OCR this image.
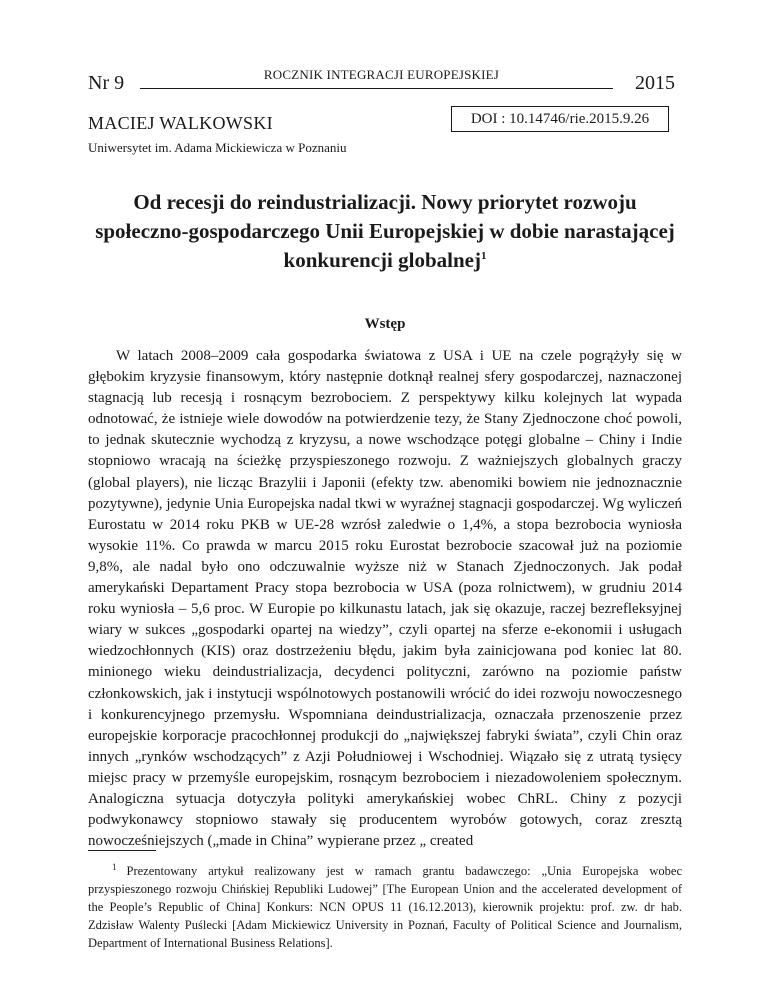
Nr 9	ROCZNIK INTEGRACJI EUROPEJSKIEJ	2015
MACIEJ WALKOWSKI	DOI : 10.14746/rie.2015.9.26
Uniwersytet im. Adama Mickiewicza w Poznaniu
Od recesji do reindustrializacji. Nowy priorytet rozwoju społeczno-gospodarczego Unii Europejskiej w dobie narastającej konkurencji globalnej$^1$
Wstęp

W latach 2008–2009 cała gospodarka światowa z USA i UE na czele pogrążyły się w głębokim kryzysie finansowym, który następnie dotknął realnej sfery gospodarczej, naznaczonej stagnacją lub recesją i rosnącym bezrobociem. Z perspektywy kilku kolejnych lat wypada odnotować, że istnieje wiele dowodów na potwierdzenie tezy, że Stany Zjednoczone choć powoli, to jednak skutecznie wychodzą z kryzysu, a nowe wschodzące potęgi globalne – Chiny i Indie stopniowo wracają na ścieżkę przyspieszonego rozwoju. Z ważniejszych globalnych graczy (global players), nie licząc Brazylii i Japonii (efekty tzw. abenomiki bowiem nie jednoznacznie pozytywne), jedynie Unia Europejska nadal tkwi w wyraźnej stagnacji gospodarczej. Wg wyliczeń Eurostatu w 2014 roku PKB w UE-28 wzrósł zaledwie o 1,4%, a stopa bezrobocia wyniosła wysokie 11%. Co prawda w marcu 2015 roku Eurostat bezrobocie szacował już na poziomie 9,8%, ale nadal było ono odczuwalnie wyższe niż w Stanach Zjednoczonych. Jak podał amerykański Departament Pracy stopa bezrobocia w USA (poza rolnictwem), w grudniu 2014 roku wyniosła – 5,6 proc. W Europie po kilkunastu latach, jak się okazuje, raczej bezrefleksyjnej wiary w sukces „gospodarki opartej na wiedzy”, czyli opartej na sferze e-ekonomii i usługach wiedzochłonnych (KIS) oraz dostrzeżeniu błędu, jakim była zainicjowana pod koniec lat 80. minionego wieku deindustrializacja, decydenci polityczni, zarówno na poziomie państw członkowskich, jak i instytucji wspólnotowych postanowili wrócić do idei rozwoju nowoczesnego i konkurencyjnego przemysłu. Wspomniana deindustrializacja, oznaczała przenoszenie przez europejskie korporacje pracochłonnej produkcji do „największej fabryki świata”, czyli Chin oraz innych „rynków wschodzących” z Azji Południowej i Wschodniej. Wiązało się z utratą tysięcy miejsc pracy w przemyśle europejskim, rosnącym bezrobociem i niezadowoleniem społecznym. Analogiczna sytuacja dotyczyła polityki amerykańskiej wobec ChRL. Chiny z pozycji podwykonawcy stopniowo stawały się producentem wyrobów gotowych, coraz zresztą nowocześniejszych („made in China” wypierane przez „ created

$^1$ Prezentowany artykuł realizowany jest w ramach grantu badawczego: „Unia Europejska wobec przyspieszonego rozwoju Chińskiej Republiki Ludowej” [The European Union and the accelerated development of the People’s Republic of China] Konkurs: NCN OPUS 11 (16.12.2013), kierownik projektu: prof. zw. dr hab. Zdzisław Walenty Puślecki [Adam Mickiewicz University in Poznań, Faculty of Political Science and Journalism, Department of International Business Relations].
